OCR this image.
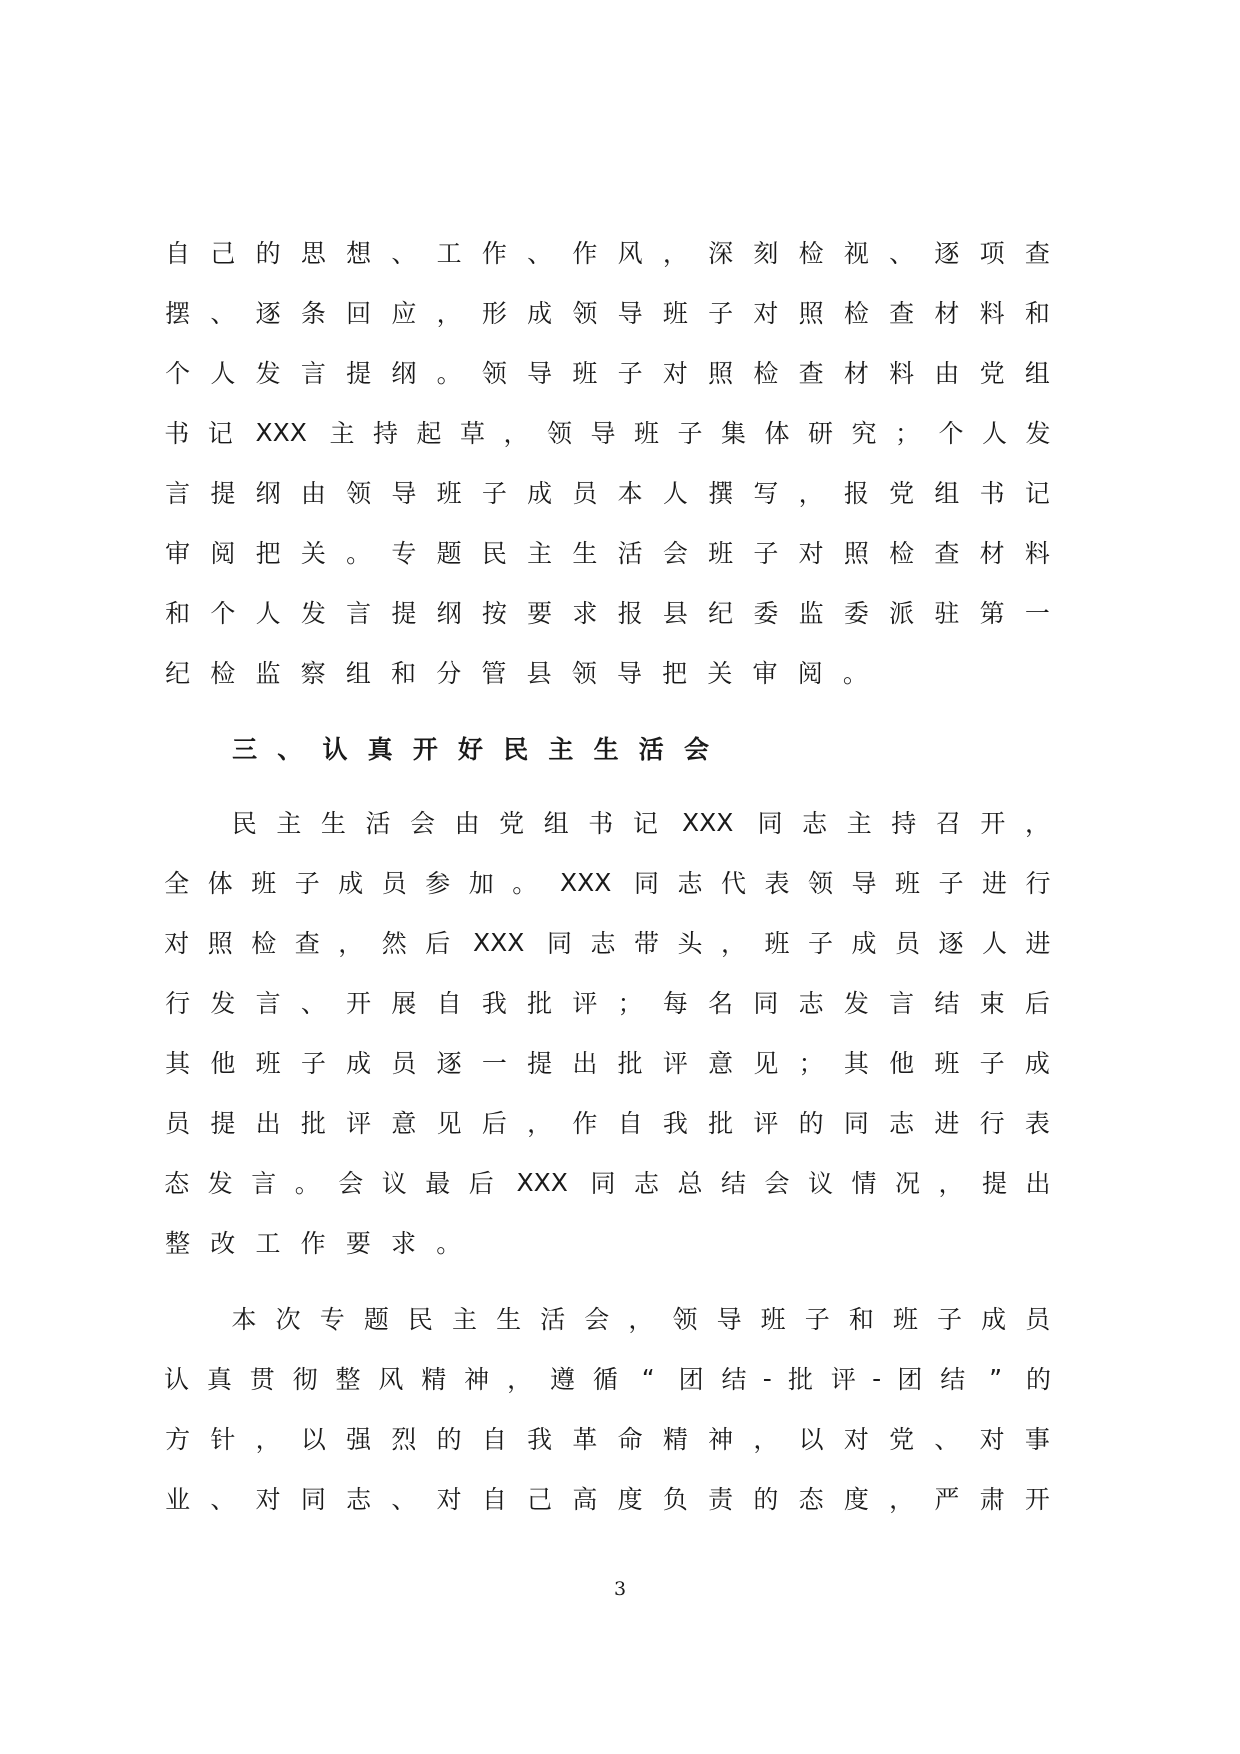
自 己 的 思 想 、 工 作 、 作 风 ， 深 刻 检 视 、 逐 项 查
摆 、 逐 条 回 应 ， 形 成 领 导 班 子 对 照 检 查 材 料 和
个 人 发 言 提 纲 。 领 导 班 子 对 照 检 查 材 料 由 党 组
书 记 XXX 主 持 起 草 ， 领 导 班 子 集 体 研 究 ； 个 人 发
言 提 纲 由 领 导 班 子 成 员 本 人 撰 写 ， 报 党 组 书 记
审 阅 把 关 。 专 题 民 主 生 活 会 班 子 对 照 检 查 材 料
和 个 人 发 言 提 纲 按 要 求 报 县 纪 委 监 委 派 驻 第 一
纪 检 监 察 组 和 分 管 县 领 导 把 关 审 阅 。
三 、 认 真 开 好 民 主 生 活 会
民 主 生 活 会 由 党 组 书 记 XXX 同 志 主 持 召 开 ，
全 体 班 子 成 员 参 加 。 XXX 同 志 代 表 领 导 班 子 进 行
对 照 检 查 ， 然 后 XXX 同 志 带 头 ， 班 子 成 员 逐 人 进
行 发 言 、 开 展 自 我 批 评 ； 每 名 同 志 发 言 结 束 后
其 他 班 子 成 员 逐 一 提 出 批 评 意 见 ； 其 他 班 子 成
员 提 出 批 评 意 见 后 ， 作 自 我 批 评 的 同 志 进 行 表
态 发 言 。 会 议 最 后 XXX 同 志 总 结 会 议 情 况 ， 提 出
整 改 工 作 要 求 。
本 次 专 题 民 主 生 活 会 ， 领 导 班 子 和 班 子 成 员
认 真 贯 彻 整 风 精 神 ， 遵 循 “ 团 结 - 批 评 - 团 结 ” 的
方 针 ， 以 强 烈 的 自 我 革 命 精 神 ， 以 对 党 、 对 事
业 、 对 同 志 、 对 自 己 高 度 负 责 的 态 度 ， 严 肃 开
3
